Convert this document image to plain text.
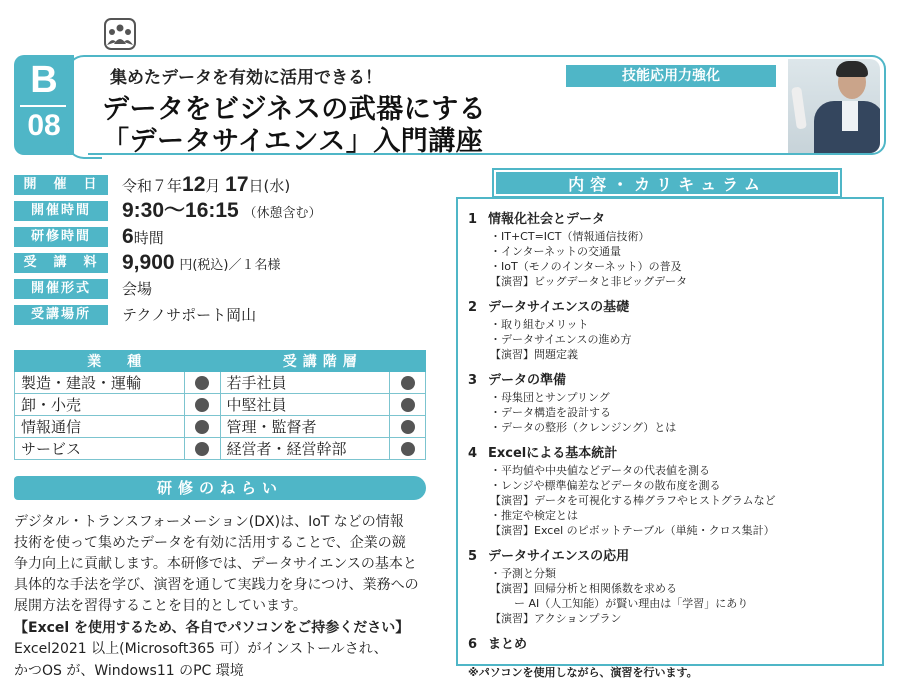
B
08
集めたデータを有効に活用できる！
データをビジネスの武器にする
「データサイエンス」入門講座
技能応用力強化
開　催　日	令和７年12月 17日(水)
開催時間	9:30～16:15 （休憩含む）
研修時間	6時間
受　講　料	9,900 円(税込)／１名様
開催形式	会場
受講場所	テクノサポート岡山
業　種		受講階層	
製造・建設・運輸		若手社員	
卸・小売		中堅社員	
情報通信		管理・監督者	
サービス		経営者・経営幹部	
研修のねらい

デジタル・トランスフォーメーション(DX)は、IoT などの情報

技術を使って集めたデータを有効に活用することで、企業の競

争力向上に貢献します。本研修では、データサイエンスの基本と

具体的な手法を学び、演習を通して実践力を身につけ、業務への

展開方法を習得することを目的としています。

【Excel を使用するため、各自でパソコンをご持参ください】

Excel2021 以上(Microsoft365 可）がインストールされ、

かつOS が、Windows11 のPC 環境

内容・カリキュラム
1 情報化社会とデータ
・IT+CT=ICT（情報通信技術）
・インターネットの交通量
・IoT（モノのインターネット）の普及
【演習】ビッグデータと非ビッグデータ
2 データサイエンスの基礎
・取り組むメリット
・データサイエンスの進め方
【演習】問題定義
3 データの準備
・母集団とサンプリング
・データ構造を設計する
・データの整形（クレンジング）とは
4 Excelによる基本統計
・平均値や中央値などデータの代表値を測る
・レンジや標準偏差などデータの散布度を測る
【演習】データを可視化する棒グラフやヒストグラムなど
・推定や検定とは
【演習】Excel のピボットテーブル（単純・クロス集計）
5 データサイエンスの応用
・予測と分類
【演習】回帰分析と相関係数を求める
ー AI（人工知能）が賢い理由は「学習」にあり
【演習】アクションプラン
6 まとめ
※パソコンを使用しながら、演習を行います。
